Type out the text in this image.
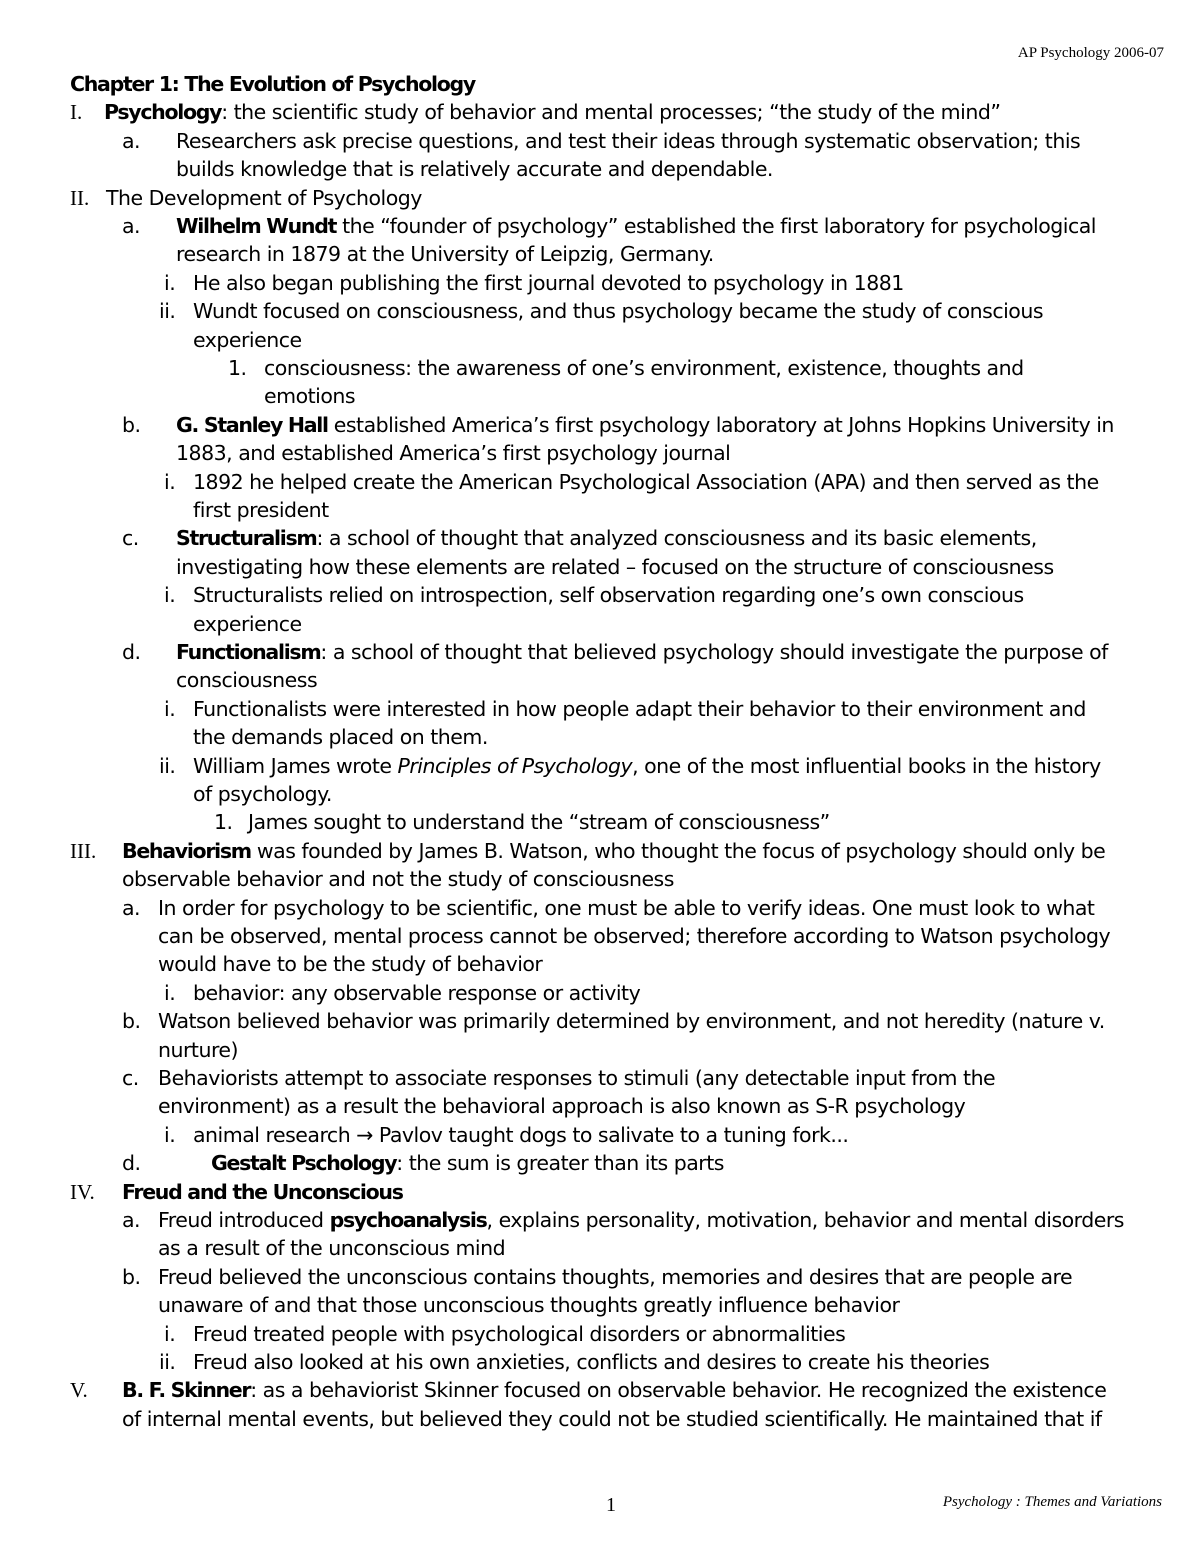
AP Psychology 2006-07
Chapter 1: The Evolution of Psychology
I. Psychology: the scientific study of behavior and mental processes; “the study of the mind”
a. Researchers ask precise questions, and test their ideas through systematic observation; this
builds knowledge that is relatively accurate and dependable.
II. The Development of Psychology
a. Wilhelm Wundt the “founder of psychology” established the first laboratory for psychological
research in 1879 at the University of Leipzig, Germany.
i. He also began publishing the first journal devoted to psychology in 1881
ii. Wundt focused on consciousness, and thus psychology became the study of conscious
experience
1. consciousness: the awareness of one’s environment, existence, thoughts and
emotions
b. G. Stanley Hall established America’s first psychology laboratory at Johns Hopkins University in
1883, and established America’s first psychology journal
i. 1892 he helped create the American Psychological Association (APA) and then served as the
first president
c. Structuralism: a school of thought that analyzed consciousness and its basic elements,
investigating how these elements are related – focused on the structure of consciousness
i. Structuralists relied on introspection, self observation regarding one’s own conscious
experience
d. Functionalism: a school of thought that believed psychology should investigate the purpose of
consciousness
i. Functionalists were interested in how people adapt their behavior to their environment and
the demands placed on them.
ii. William James wrote Principles of Psychology, one of the most influential books in the history
of psychology.
1. James sought to understand the “stream of consciousness”
III. Behaviorism was founded by James B. Watson, who thought the focus of psychology should only be
observable behavior and not the study of consciousness
a. In order for psychology to be scientific, one must be able to verify ideas. One must look to what
can be observed, mental process cannot be observed; therefore according to Watson psychology
would have to be the study of behavior
i. behavior: any observable response or activity
b. Watson believed behavior was primarily determined by environment, and not heredity (nature v.
nurture)
c. Behaviorists attempt to associate responses to stimuli (any detectable input from the
environment) as a result the behavioral approach is also known as S-R psychology
i. animal research → Pavlov taught dogs to salivate to a tuning fork...
d.	Gestalt Pschology: the sum is greater than its parts
IV. Freud and the Unconscious
a. Freud introduced psychoanalysis, explains personality, motivation, behavior and mental disorders
as a result of the unconscious mind
b. Freud believed the unconscious contains thoughts, memories and desires that are people are
unaware of and that those unconscious thoughts greatly influence behavior
i. Freud treated people with psychological disorders or abnormalities
ii. Freud also looked at his own anxieties, conflicts and desires to create his theories
V. B. F. Skinner: as a behaviorist Skinner focused on observable behavior. He recognized the existence
of internal mental events, but believed they could not be studied scientifically. He maintained that if
1	Psychology : Themes and Variations
